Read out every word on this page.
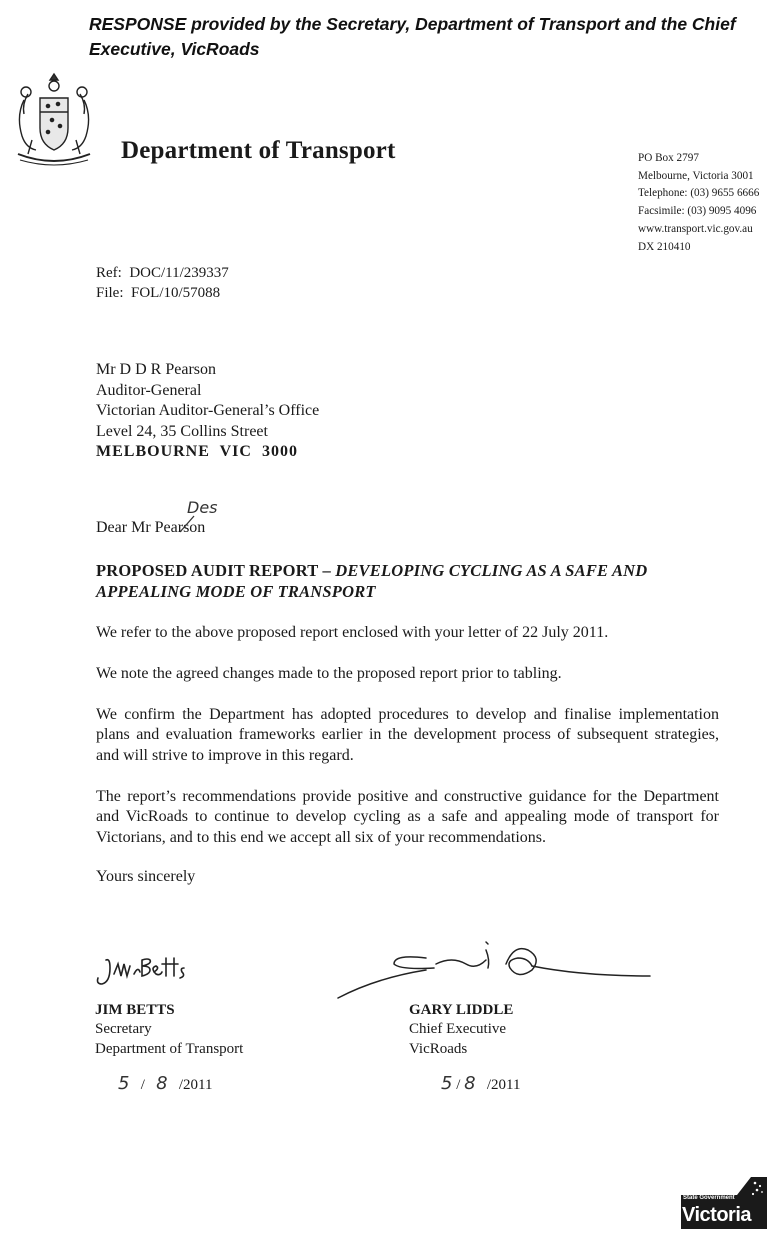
RESPONSE provided by the Secretary, Department of Transport and the Chief Executive, VicRoads
Department of Transport	PO Box 2797
Melbourne, Victoria 3001
Telephone: (03) 9655 6666
Facsimile: (03) 9095 4096
www.transport.vic.gov.au
DX 210410
Ref:  DOC/11/239337
File:  FOL/10/57088
Mr D D R Pearson
Auditor-General
Victorian Auditor-General’s Office
Level 24, 35 Collins Street
MELBOURNE  VIC  3000
Des
Dear Mr Pearson
PROPOSED AUDIT REPORT – DEVELOPING CYCLING AS A SAFE AND APPEALING MODE OF TRANSPORT
We refer to the above proposed report enclosed with your letter of 22 July 2011.
We note the agreed changes made to the proposed report prior to tabling.
We confirm the Department has adopted procedures to develop and finalise implementation plans and evaluation frameworks earlier in the development process of subsequent strategies, and will strive to improve in this regard.
The report’s recommendations provide positive and constructive guidance for the Department and VicRoads to continue to develop cycling as a safe and appealing mode of transport for Victorians, and to this end we accept all six of your recommendations.
Yours sincerely
JIM BETTS
Secretary
Department of Transport
GARY LIDDLE
Chief Executive
VicRoads
5   /   8 /2011	5 / 8 /2011
State Government
Victoria
